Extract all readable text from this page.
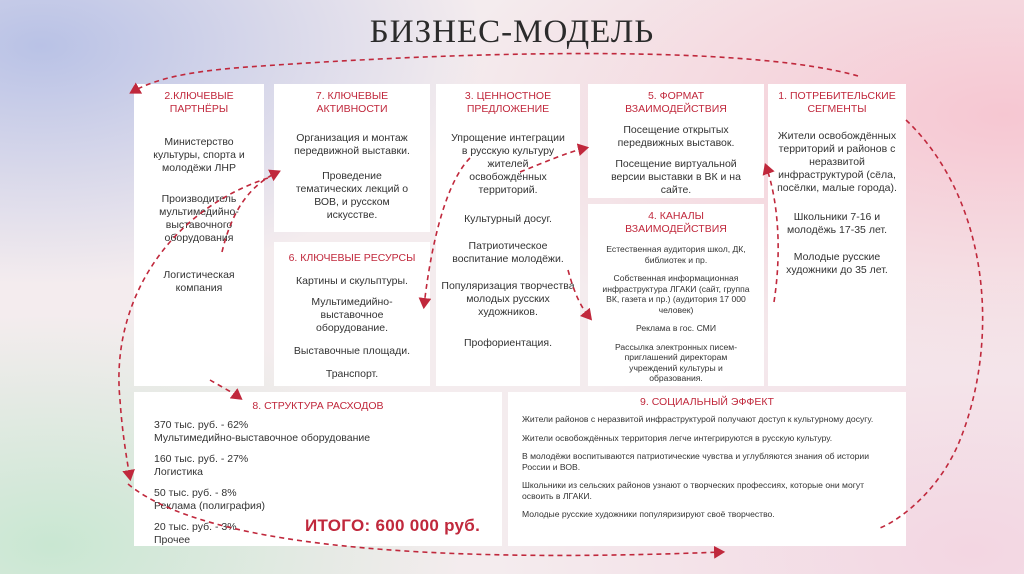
БИЗНЕС-МОДЕЛЬ
2.КЛЮЧЕВЫЕ ПАРТНЁРЫ
Министерство культуры, спорта и молодёжи ЛНР
Производитель мультимедийно-выставочного оборудования
Логистическая компания
7. КЛЮЧЕВЫЕ АКТИВНОСТИ
Организация и монтаж передвижной выставки.
Проведение тематических лекций о ВОВ, и русском искусстве.
6. КЛЮЧЕВЫЕ РЕСУРСЫ
Картины и скульптуры.
Мультимедийно-выставочное оборудование.
Выставочные площади.
Транспорт.
3. ЦЕННОСТНОЕ ПРЕДЛОЖЕНИЕ
Упрощение интеграции в русскую культуру жителей освобождённых территорий.
Культурный досуг.
Патриотическое воспитание молодёжи.
Популяризация творчества молодых русских художников.
Профориентация.
5. ФОРМАТ ВЗАИМОДЕЙСТВИЯ
Посещение открытых передвижных выставок.
Посещение виртуальной версии выставки в ВК и на сайте.
4. КАНАЛЫ ВЗАИМОДЕЙСТВИЯ
Естественная аудитория школ, ДК, библиотек и пр.
Собственная информационная инфраструктура ЛГАКИ (сайт, группа ВК, газета и пр.) (аудитория 17 000 человек)
Реклама в гос. СМИ
Рассылка электронных писем-приглашений директорам учреждений культуры и образования.
1. ПОТРЕБИТЕЛЬСКИЕ СЕГМЕНТЫ
Жители освобождённых территорий и районов с неразвитой инфраструктурой (сёла, посёлки, малые города).
Школьники 7-16 и молодёжь 17-35 лет.
Молодые русские художники до 35 лет.
8. СТРУКТУРА РАСХОДОВ
370 тыс. руб. - 62%
Мультимедийно-выставочное оборудование
160 тыс. руб. - 27%
Логистика
50 тыс. руб. - 8%
Реклама (полиграфия)
20 тыс. руб. - 3%
Прочее
ИТОГО: 600 000 руб.
9. СОЦИАЛЬНЫЙ ЭФФЕКТ
Жители районов с неразвитой инфраструктурой получают доступ к культурному досугу.
Жители освобождённых территория легче интегрируются в русскую культуру.
В молодёжи воспитываются патриотические чувства и углубляются знания об истории России и ВОВ.
Школьники из сельских районов узнают о творческих профессиях, которые они могут освоить в ЛГАКИ.
Молодые русские художники популяризируют своё творчество.
